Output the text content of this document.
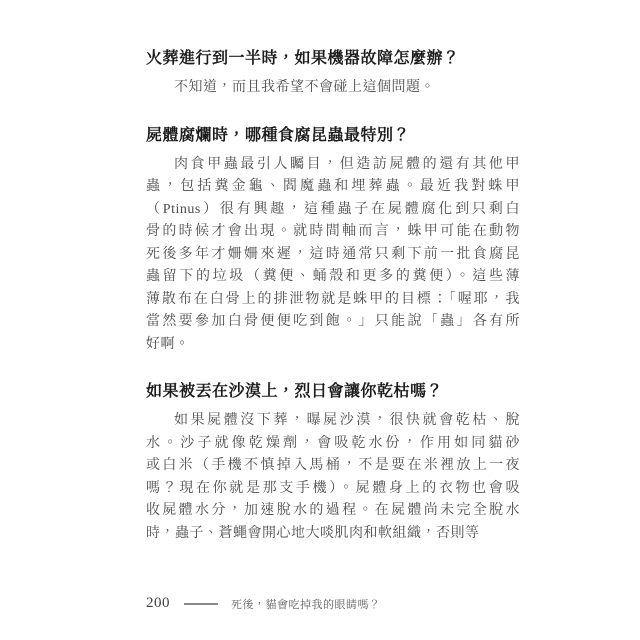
火葬進行到一半時，如果機器故障怎麼辦？
不知道，而且我希望不會碰上這個問題。
屍體腐爛時，哪種食腐昆蟲最特別？
肉食甲蟲最引人矚目，但造訪屍體的還有其他甲
蟲，包括糞金龜、閻魔蟲和埋葬蟲。最近我對蛛甲
（Ptinus）很有興趣，這種蟲子在屍體腐化到只剩白
骨的時候才會出現。就時間軸而言，蛛甲可能在動物
死後多年才姍姍來遲，這時通常只剩下前一批食腐昆
蟲留下的垃圾（糞便、蛹殼和更多的糞便）。這些薄
薄散布在白骨上的排泄物就是蛛甲的目標：「喔耶，我
當然要參加白骨便便吃到飽。」只能說「蟲」各有所
好啊。
如果被丟在沙漠上，烈日會讓你乾枯嗎？
如果屍體沒下葬，曝屍沙漠，很快就會乾枯、脫
水。沙子就像乾燥劑，會吸乾水份，作用如同貓砂
或白米（手機不慎掉入馬桶，不是要在米裡放上一夜
嗎？現在你就是那支手機）。屍體身上的衣物也會吸
收屍體水分，加速脫水的過程。在屍體尚未完全脫水
時，蟲子、蒼蠅會開心地大啖肌肉和軟組織，否則等
200	死後，貓會吃掉我的眼睛嗎？
